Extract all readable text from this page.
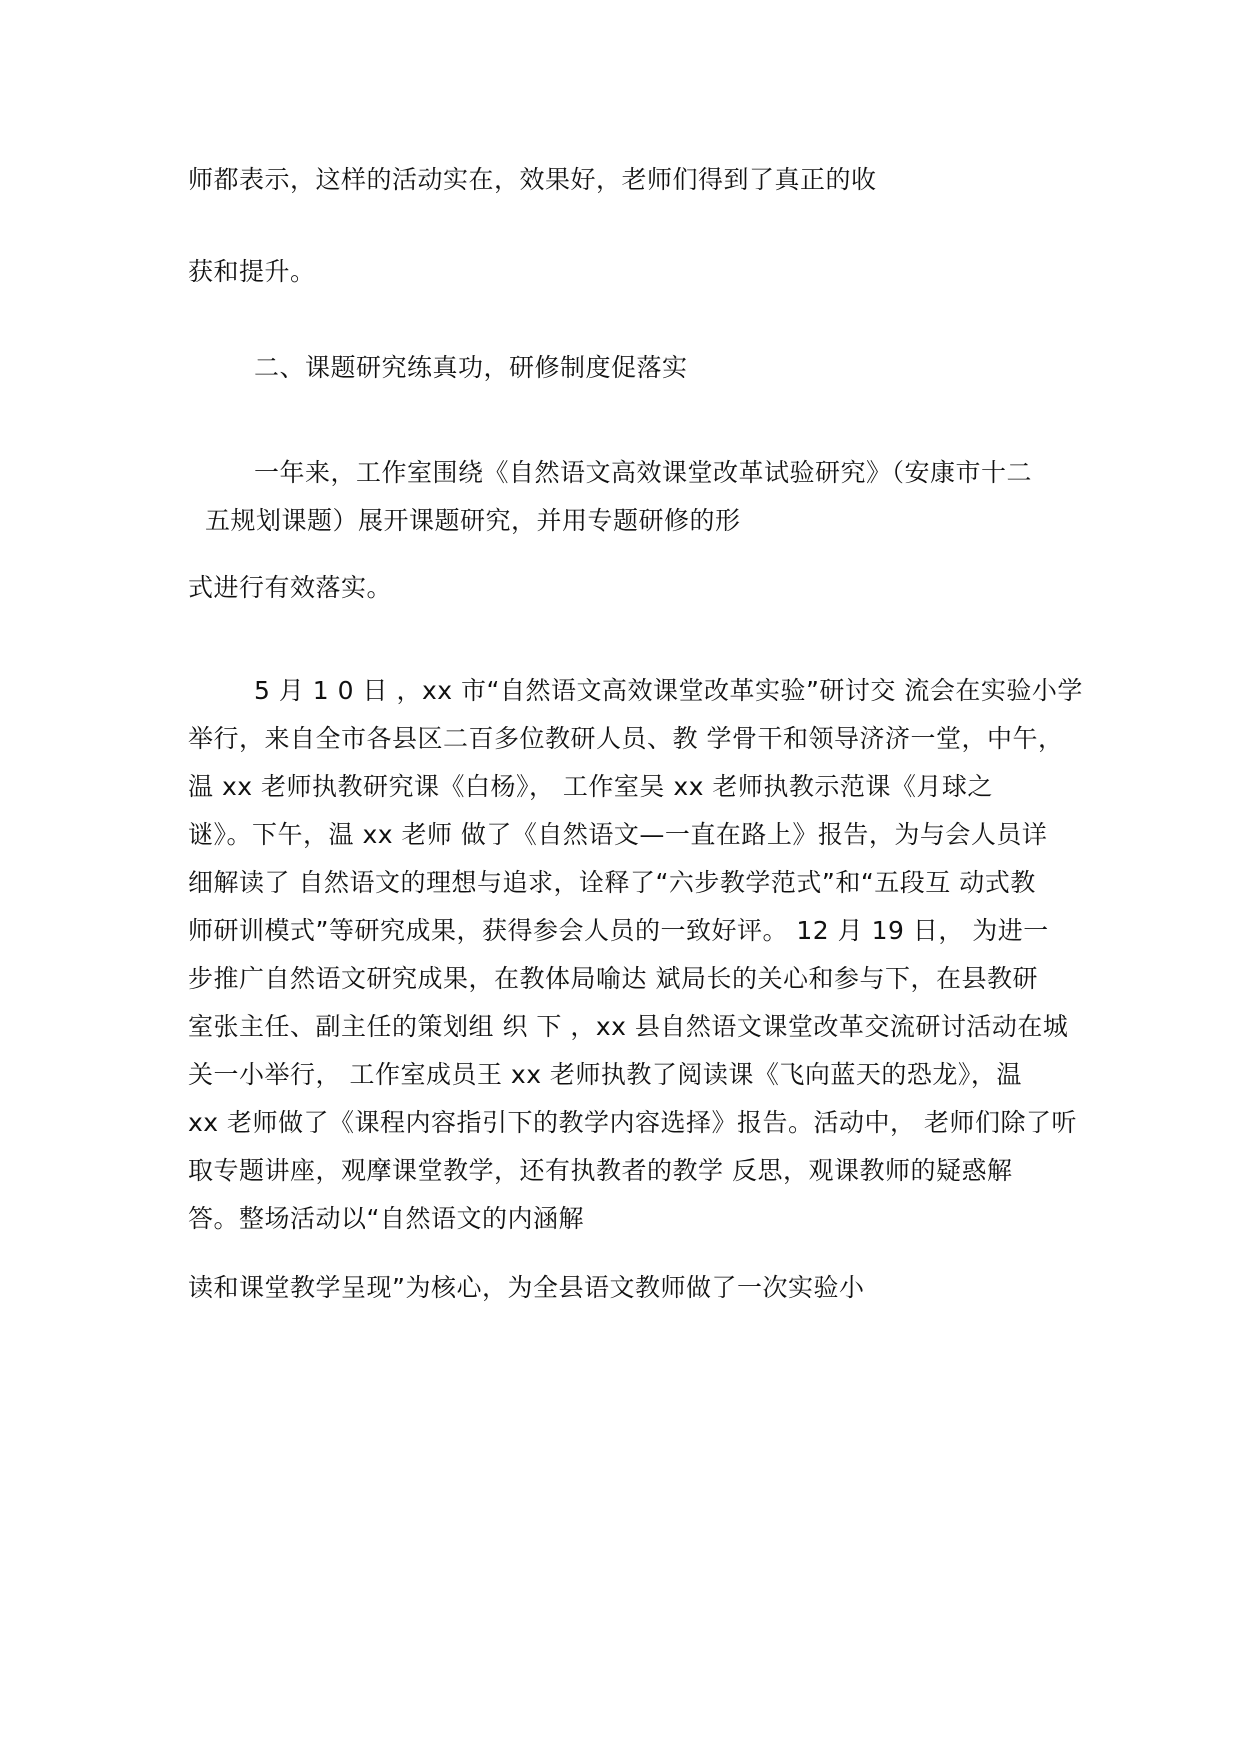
师都表示，这样的活动实在，效果好，老师们得到了真正的收
获和提升。
二、课题研究练真功，研修制度促落实
一年来，工作室围绕《自然语文高效课堂改革试验研究》（安康市十二
五规划课题）展开课题研究，并用专题研修的形
式进行有效落实。
5 月 1 0 日 ，xx 市“自然语文高效课堂改革实验”研讨交 流会在实验小学
举行，来自全市各县区二百多位教研人员、教 学骨干和领导济济一堂，中午，
温 xx 老师执教研究课《白杨》， 工作室吴 xx 老师执教示范课《月球之
谜》。下午，温 xx 老师 做了《自然语文—一直在路上》报告，为与会人员详
细解读了 自然语文的理想与追求，诠释了“六步教学范式”和“五段互 动式教
师研训模式”等研究成果，获得参会人员的一致好评。 12 月 19 日， 为进一
步推广自然语文研究成果，在教体局喻达 斌局长的关心和参与下，在县教研
室张主任、副主任的策划组 织 下 ，xx 县自然语文课堂改革交流研讨活动在城
关一小举行， 工作室成员王 xx 老师执教了阅读课《飞向蓝天的恐龙》，温
xx 老师做了《课程内容指引下的教学内容选择》报告。活动中， 老师们除了听
取专题讲座，观摩课堂教学，还有执教者的教学 反思，观课教师的疑惑解
答。整场活动以“自然语文的内涵解
读和课堂教学呈现”为核心，为全县语文教师做了一次实验小
